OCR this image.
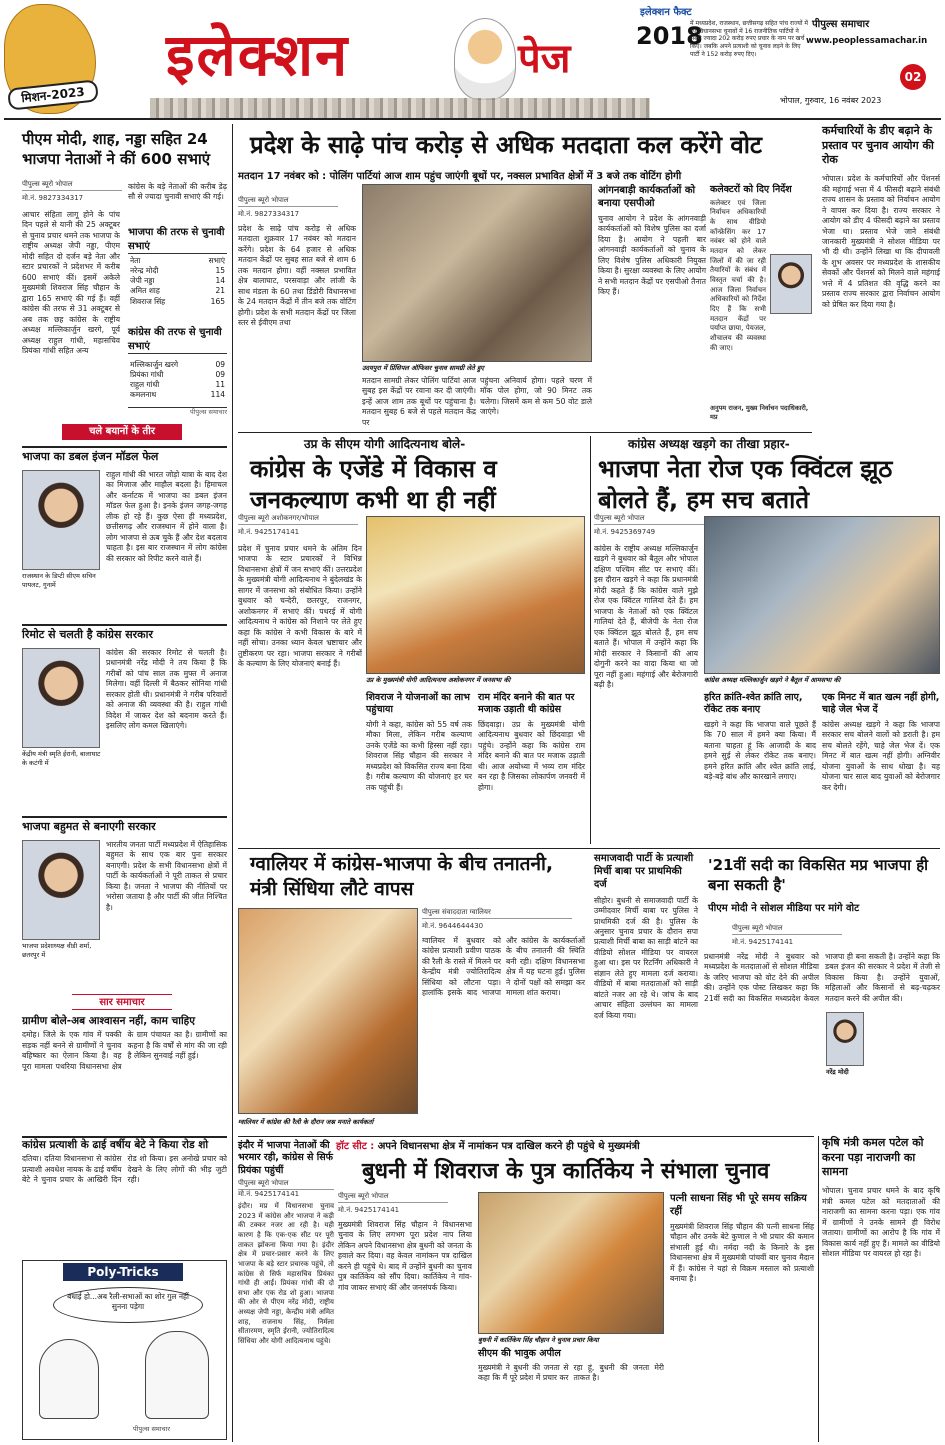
मिशन-2023
इलेक्शन	पेज
इलेक्शन फैक्ट
2018
में मध्यप्रदेश, राजस्थान, छत्तीसगढ़ सहित पांच राज्यों में हुए विधानसभा चुनावों में 16 राजनीतिक पार्टियों ने सबसे ज्यादा 202 करोड़ रुपए प्रचार के नाम पर खर्च किए। जबकि अपने प्रत्याशी को चुनाव लड़ने के लिए पार्टी ने 152 करोड़ रुपए दिए।
पीपुल्स समाचार
www.peoplessamachar.in
02
भोपाल, गुरुवार, 16 नवंबर 2023
पीएम मोदी, शाह, नड्डा सहित 24 भाजपा नेताओं ने कीं 600 सभाएं
पीपुल्स ब्यूरो भोपाल
मो.नं. 9827334317
आचार संहिता लागू होने के पांच दिन पहले से यानी की 25 अक्टूबर से चुनाव प्रचार थमने तक भाजपा के राष्ट्रीय अध्यक्ष जेपी नड्डा, पीएम मोदी सहित दो दर्जन बड़े नेता और स्टार प्रचारकों ने प्रदेशभर में करीब 600 सभाएं कीं। इसमें अकेले मुख्यमंत्री शिवराज सिंह चौहान के द्वारा 165 सभाएं की गई हैं। वहीं कांग्रेस की तरफ से 31 अक्टूबर से अब तक छह कांग्रेस के राष्ट्रीय अध्यक्ष मल्लिकार्जुन खरगे, पूर्व अध्यक्ष राहुल गांधी, महासचिव प्रियंका गांधी सहित अन्य
कांग्रेस के बड़े नेताओं की करीब डेढ़ सौ से ज्यादा चुनावी सभाएं की गई।
भाजपा की तरफ से चुनावी सभाएं
नेता	सभाएं
नरेन्द्र मोदी	15
जेपी नड्डा	14
अमित शाह	21
शिवराज सिंह	165
कांग्रेस की तरफ से चुनावी सभाएं
मल्लिकार्जुन खरगे	09
प्रियंका गांधी	09
राहुल गांधी	11
कमलनाथ	114
पीपुल्स समाचार
चले बयानों के तीर
भाजपा का डबल इंजन मॉडल फेल
राजस्थान के डिप्टी सीएम सचिन पायलट, गुनामें
राहुल गांधी की भारत जोड़ो यात्रा के बाद देश का मिजाज और माहौल बदला है। हिमाचल और कर्नाटक में भाजपा का डबल इंजन मॉडल फेल हुआ है। इनके इंजन जगह-जगह लीक हो रहे हैं। कुछ ऐसा ही मध्यप्रदेश, छत्तीसगढ़ और राजस्थान में होने वाला है। लोग भाजपा से ऊब चुके हैं और देश बदलाव चाहता है। इस बार राजस्थान में लोग कांग्रेस की सरकार को रिपीट करने वाले हैं।
रिमोट से चलती है कांग्रेस सरकार
केंद्रीय मंत्री स्मृति ईरानी, बालाघाट के कटंगी में
कांग्रेस की सरकार रिमोट से चलती है। प्रधानमंत्री नरेंद्र मोदी ने तय किया है कि गरीबों को पांच साल तक मुफ्त में अनाज मिलेगा। वहीं दिल्ली में बैठकर सोनिया गांधी सरकार होती थी। प्रधानमंत्री ने गरीब परिवारों को अनाज की व्यवस्था की है। राहुल गांधी विदेश में जाकर देश को बदनाम करते हैं। इसलिए लोग कमल खिलाएंगे।
भाजपा बहुमत से बनाएगी सरकार
भाजपा प्रदेशाध्यक्ष वीडी शर्मा, छतरपुर में
भारतीय जनता पार्टी मध्यप्रदेश में ऐतिहासिक बहुमत के साथ एक बार पुनः सरकार बनाएगी। प्रदेश के सभी विधानसभा क्षेत्रों में पार्टी के कार्यकर्ताओं ने पूरी ताकत से प्रचार किया है। जनता ने भाजपा की नीतियों पर भरोसा जताया है और पार्टी की जीत निश्चित है।
सार समाचार
ग्रामीण बोले-अब आश्वासन नहीं, काम चाहिए
दमोह। जिले के एक गांव में पक्की सड़क नहीं बनने से ग्रामीणों ने चुनाव बहिष्कार का ऐलान किया है। वह पूरा मामला पथरिया विधानसभा क्षेत्र के ग्राम पंचायत का है। ग्रामीणों का कहना है कि वर्षों से मांग की जा रही है लेकिन सुनवाई नहीं हुई।
कांग्रेस प्रत्याशी के ढाई वर्षीय बेटे ने किया रोड शो
दतिया। दतिया विधानसभा से कांग्रेस प्रत्याशी अवधेश नायक के ढाई वर्षीय बेटे ने चुनाव प्रचार के आखिरी दिन रोड शो किया। इस अनोखे प्रचार को देखने के लिए लोगों की भीड़ जुटी रही।
Poly-Tricks
बधाई हो...अब रैली-सभाओं का शोर गुल नहीं सुनना पड़ेगा
पीपुल्स समाचार
प्रदेश के साढ़े पांच करोड़ से अधिक मतदाता कल करेंगे वोट
मतदान 17 नवंबर को : पोलिंग पार्टियां आज शाम पहुंच जाएंगी बूथों पर, नक्सल प्रभावित क्षेत्रों में 3 बजे तक वोटिंग होगी
पीपुल्स ब्यूरो भोपाल
मो.नं. 9827334317
प्रदेश के साढ़े पांच करोड़ से अधिक मतदाता शुक्रवार 17 नवंबर को मतदान करेंगे। प्रदेश के 64 हजार से अधिक मतदान केंद्रों पर सुबह सात बजे से शाम 6 तक मतदान होगा। वहीं नक्सल प्रभावित क्षेत्र बालाघाट, परसवाड़ा और लांजी के साथ मंडला के 60 तथा डिंडोरी विधानसभा के 24 मतदान केंद्रों में तीन बजे तक वोटिंग होगी। प्रदेश के सभी मतदान केंद्रों पर जिला स्तर से ईवीएम तथा
उदयपुरा में प्रिंसिपल ऑफिसर चुनाव सामग्री लेते हुए
मतदान सामग्री लेकर पोलिंग पार्टियां आज सुबह इस केंद्रों पर रवाना कर दी जाएंगी। इन्हें आज शाम तक बूथों पर पहुंचाना है। मतदान सुबह 6 बजे से पहले मतदान केंद्र पर
पहुंचना अनिवार्य होगा। पहले चरण में मॉक पोल होगा, जो 90 मिनट तक चलेगा। जिसमें कम से कम 50 वोट डाले जाएंगे।
आंगनबाड़ी कार्यकर्ताओं को बनाया एसपीओ
चुनाव आयोग ने प्रदेश के आंगनवाड़ी कार्यकर्ताओं को विशेष पुलिस का दर्जा दिया है। आयोग ने पहली बार आंगनवाड़ी कार्यकर्ताओं को चुनाव के लिए विशेष पुलिस अधिकारी नियुक्त किया है। सुरक्षा व्यवस्था के लिए आयोग ने सभी मतदान केंद्रों पर एसपीओ तैनात किए हैं।
कलेक्टरों को दिए निर्देश
कलेक्टर एवं जिला निर्वाचन अधिकारियों के साथ वीडियो कॉन्फ्रेंसिंग कर 17 नवंबर को होने वाले मतदान को लेकर जिलों में की जा रही तैयारियों के संबंध में विस्तृत चर्चा की है। आज जिला निर्वाचन अधिकारियों को निर्देश दिए हैं कि सभी मतदान केंद्रों पर पर्याप्त छाया, पेयजल, शौचालय की व्यवस्था की जाए।
अनुपम राजन, मुख्य निर्वाचन पदाधिकारी, मप्र
कर्मचारियों के डीए बढ़ाने के प्रस्ताव पर चुनाव आयोग की रोक
भोपाल। प्रदेश के कर्मचारियों और पेंशनर्स की महंगाई भत्ता में 4 फीसदी बढ़ाने संबंधी राज्य शासन के प्रस्ताव को निर्वाचन आयोग ने वापस कर दिया है। राज्य सरकार ने आयोग को डीए 4 फीसदी बढ़ाने का प्रस्ताव भेजा था। प्रस्ताव भेजे जाने संबंधी जानकारी मुख्यमंत्री ने सोशल मीडिया पर भी दी थी। उन्होंने लिखा था कि दीपावली के शुभ अवसर पर मध्यप्रदेश के शासकीय सेवकों और पेंशनर्स को मिलने वाले महंगाई भत्ते में 4 प्रतिशत की वृद्धि करने का प्रस्ताव राज्य सरकार द्वारा निर्वाचन आयोग को प्रेषित कर दिया गया है।
उप्र के सीएम योगी आदित्यनाथ बोले-
कांग्रेस के एजेंडे में विकास व जनकल्याण कभी था ही नहीं
पीपुल्स ब्यूरो अशोकनगर/भोपाल
मो.नं. 9425174141
प्रदेश में चुनाव प्रचार थमने के अंतिम दिन भाजपा के स्टार प्रचारकों ने विभिन्न विधानसभा क्षेत्रों में जन सभाएं कीं। उत्तरप्रदेश के मुख्यमंत्री योगी आदित्यनाथ ने बुंदेलखंड के सागर में जनसभा को संबोधित किया। उन्होंने बुधवार को चन्देरी, छतरपुर, राजनगर, अशोकनगर में सभाएं कीं। पथरई में योगी आदित्यनाथ ने कांग्रेस को निशाने पर लेते हुए कहा कि कांग्रेस ने कभी विकास के बारे में नहीं सोचा। उनका ध्यान केवल भ्रष्टाचार और तुष्टीकरण पर रहा। भाजपा सरकार ने गरीबों के कल्याण के लिए योजनाएं बनाई हैं।
उप्र के मुख्यमंत्री योगी आदित्यनाथ अशोकनगर में जनसभा की
शिवराज ने योजनाओं का लाभ पहुंचाया
योगी ने कहा, कांग्रेस को 55 वर्ष तक मौका मिला, लेकिन गरीब कल्याण उनके एजेंडे का कभी हिस्सा नहीं रहा। शिवराज सिंह चौहान की सरकार ने मध्यप्रदेश को विकसित राज्य बना दिया है। गरीब कल्याण की योजनाएं हर घर तक पहुंची हैं।
राम मंदिर बनाने की बात पर मजाक उड़ाती थी कांग्रेस
छिंदवाड़ा। उप्र के मुख्यमंत्री योगी आदित्यनाथ बुधवार को छिंदवाड़ा भी पहुंचे। उन्होंने कहा कि कांग्रेस राम मंदिर बनाने की बात पर मजाक उड़ाती थी। आज अयोध्या में भव्य राम मंदिर बन रहा है जिसका लोकार्पण जनवरी में होगा।
कांग्रेस अध्यक्ष खड़गे का तीखा प्रहार-
भाजपा नेता रोज एक क्विंटल झूठ बोलते हैं, हम सच बताते
पीपुल्स ब्यूरो भोपाल
मो.नं. 9425369749
कांग्रेस के राष्ट्रीय अध्यक्ष मल्लिकार्जुन खड़गे ने बुधवार को बैतूल और भोपाल दक्षिण पश्चिम सीट पर सभाएं कीं। इस दौरान खड़गे ने कहा कि प्रधानमंत्री मोदी कहते हैं कि कांग्रेस वाले मुझे रोज एक क्विंटल गालियां देते हैं। हम भाजपा के नेताओं को एक क्विंटल गालियां देते हैं, बीजेपी के नेता रोज एक क्विंटल झूठ बोलते हैं, हम सच बताते हैं। भोपाल में उन्होंने कहा कि मोदी सरकार ने किसानों की आय दोगुनी करने का वादा किया था जो पूरा नहीं हुआ। महंगाई और बेरोजगारी बढ़ी है।
कांग्रेस अध्यक्ष मल्लिकार्जुन खड़गे ने बैतूल में आमसभा की
हरित क्रांति-श्वेत क्रांति लाए, रॉकेट तक बनाए
खड़गे ने कहा कि भाजपा वाले पूछते हैं कि 70 साल में हमने क्या किया। मैं बताना चाहता हूं कि आजादी के बाद हमने सुई से लेकर रॉकेट तक बनाए। हमने हरित क्रांति और श्वेत क्रांति लाई, बड़े-बड़े बांध और कारखाने लगाए।
एक मिनट में बात खत्म नहीं होगी, चाहे जेल भेज दें
कांग्रेस अध्यक्ष खड़गे ने कहा कि भाजपा सरकार सच बोलने वालों को डराती है। हम सच बोलते रहेंगे, चाहे जेल भेज दें। एक मिनट में बात खत्म नहीं होगी। अग्निवीर योजना युवाओं के साथ धोखा है। यह योजना चार साल बाद युवाओं को बेरोजगार कर देगी।
ग्वालियर में कांग्रेस-भाजपा के बीच तनातनी, मंत्री सिंधिया लौटे वापस
ग्वालियर में कांग्रेस की रैली के दौरान जश्न मनाते कार्यकर्ता
पीपुल्स संवाददाता ग्वालियर
मो.नं. 9644644430
ग्वालियर में बुधवार को कांग्रेस प्रत्याशी प्रवीण पाठक की रैली के रास्ते में मिलने पर केन्द्रीय मंत्री ज्योतिरादित्य सिंधिया को लौटना पड़ा। हालांकि इसके बाद भाजपा और कांग्रेस के कार्यकर्ताओं के बीच तनातनी की स्थिति बनी रही। दक्षिण विधानसभा क्षेत्र में यह घटना हुई। पुलिस ने दोनों पक्षों को समझा कर मामला शांत कराया।
समाजवादी पार्टी के प्रत्याशी मिर्ची बाबा पर प्राथमिकी दर्ज
सीहोर। बुधनी से समाजवादी पार्टी के उम्मीदवार मिर्ची बाबा पर पुलिस ने प्राथमिकी दर्ज की है। पुलिस के अनुसार चुनाव प्रचार के दौरान सपा प्रत्याशी मिर्ची बाबा का साड़ी बांटने का वीडियो सोशल मीडिया पर वायरल हुआ था। इस पर रिटर्निंग अधिकारी ने संज्ञान लेते हुए मामला दर्ज कराया। वीडियो में बाबा मतदाताओं को साड़ी बांटते नजर आ रहे थे। जांच के बाद आचार संहिता उल्लंघन का मामला दर्ज किया गया।
'21वीं सदी का विकसित मप्र भाजपा ही बना सकती है'
पीएम मोदी ने सोशल मीडिया पर मांगे वोट
पीपुल्स ब्यूरो भोपाल
मो.नं. 9425174141
प्रधानमंत्री नरेंद्र मोदी ने बुधवार को मध्यप्रदेश के मतदाताओं से सोशल मीडिया के जरिए भाजपा को वोट देने की अपील की। उन्होंने एक पोस्ट लिखकर कहा कि 21वीं सदी का विकसित मध्यप्रदेश केवल भाजपा ही बना सकती है। उन्होंने कहा कि डबल इंजन की सरकार ने प्रदेश में तेजी से विकास किया है। उन्होंने युवाओं, महिलाओं और किसानों से बढ़-चढ़कर मतदान करने की अपील की।
नरेंद्र मोदी
हॉट सीट : अपने विधानसभा क्षेत्र में नामांकन पत्र दाखिल करने ही पहुंचे थे मुख्यमंत्री
इंदौर में भाजपा नेताओं की भरमार रही, कांग्रेस से सिर्फ प्रियंका पहुंचीं
पीपुल्स ब्यूरो भोपाल
मो.नं. 9425174141
इंदौर। मप्र में विधानसभा चुनाव 2023 में कांग्रेस और भाजपा ने कड़ी की टक्कर नजर आ रही है। यही कारण है कि एक-एक सीट पर पूरी ताकत झोंकना किया गया है। इंदौर क्षेत्र में प्रचार-प्रसार करने के लिए भाजपा के बड़े स्टार प्रचारक पहुंचे, तो कांग्रेस से सिर्फ महासचिव प्रियंका गांधी ही आईं। प्रियंका गांधी की दो सभा और एक रोड शो हुआ। भाजपा की ओर से पीएम नरेंद्र मोदी, राष्ट्रीय अध्यक्ष जेपी नड्डा, केन्द्रीय मंत्री अमित शाह, राजनाथ सिंह, निर्मला सीतारमण, स्मृति ईरानी, ज्योतिरादित्य सिंधिया और योगी आदित्यनाथ पहुंचे।
बुधनी में शिवराज के पुत्र कार्तिकेय ने संभाला चुनाव
पीपुल्स ब्यूरो भोपाल
मो.नं. 9425174141
मुख्यमंत्री शिवराज सिंह चौहान ने विधानसभा चुनाव के लिए लगभग पूरा प्रदेश नाप लिया लेकिन अपने विधानसभा क्षेत्र बुधनी को जनता के हवाले कर दिया। वह केवल नामांकन पत्र दाखिल करने ही पहुंचे थे। बाद में उन्होंने बुधनी का चुनाव पुत्र कार्तिकेय को सौंप दिया। कार्तिकेय ने गांव-गांव जाकर सभाएं कीं और जनसंपर्क किया।
बुधनी में कार्तिकेय सिंह चौहान ने चुनाव प्रचार किया
सीएम की भावुक अपील
मुख्यमंत्री ने बुधनी की जनता से कहा कि मैं पूरे प्रदेश में प्रचार कर रहा हूं, बुधनी की जनता मेरी ताकत है।
पत्नी साधना सिंह भी पूरे समय सक्रिय रहीं
मुख्यमंत्री शिवराज सिंह चौहान की पत्नी साधना सिंह चौहान और उनके बेटे कुणाल ने भी प्रचार की कमान संभाली हुई थी। नर्मदा नदी के किनारे के इस विधानसभा क्षेत्र में मुख्यमंत्री पांचवीं बार चुनाव मैदान में हैं। कांग्रेस ने यहां से विक्रम मस्ताल को प्रत्याशी बनाया है।
कृषि मंत्री कमल पटेल को करना पड़ा नाराजगी का सामना
भोपाल। चुनाव प्रचार थमने के बाद कृषि मंत्री कमल पटेल को मतदाताओं की नाराजगी का सामना करना पड़ा। एक गांव में ग्रामीणों ने उनके सामने ही विरोध जताया। ग्रामीणों का आरोप है कि गांव में विकास कार्य नहीं हुए हैं। मामले का वीडियो सोशल मीडिया पर वायरल हो रहा है।
